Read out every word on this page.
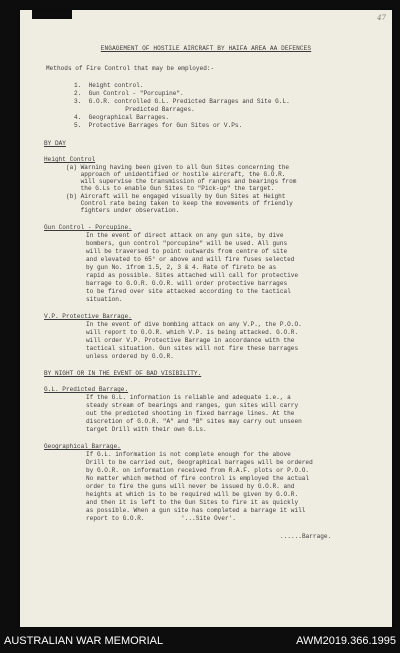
47
ENGAGEMENT OF HOSTILE AIRCRAFT BY HAIFA AREA AA DEFENCES
Methods of Fire Control that may be employed:-
1.  Height control.
2.  Gun Control - "Porcupine".
3.  G.O.R. controlled G.L. Predicted Barrages and Site G.L.
Predicted Barrages.
4.  Geographical Barrages.
5.  Protective Barrages for Gun Sites or V.Ps.
BY DAY
Height Control
(a) Warning having been given to all Gun Sites concerning the
approach of unidentified or hostile aircraft, the G.O.R.
will supervise the transmission of ranges and bearings from
the G.Ls to enable Gun Sites to "Pick-up" the target.
(b) Aircraft will be engaged visually by Gun Sites at Height
Control rate being taken to keep the movements of friendly
fighters under observation.
Gun Control - Porcupine.
In the event of direct attack on any gun site, by dive
bombers, gun control "porcupine" will be used. All guns
will be traversed to point outwards from centre of site
and elevated to 65° or above and will fire fuses selected
by gun No. 1from 1.5, 2, 3 & 4. Rate of fireto be as
rapid as possible. Sites attached will call for protective
barrage to G.O.R. G.O.R. will order protective barrages
to be fired over site attacked according to the tactical
situation.
V.P. Protective Barrage.
In the event of dive bombing attack on any V.P., the P.O.O.
will report to G.O.R. which V.P. is being attacked. G.O.R.
will order V.P. Protective Barrage in accordance with the
tactical situation. Gun sites will not fire these barrages
unless ordered by G.O.R.
BY NIGHT OR IN THE EVENT OF BAD VISIBILITY.
G.L. Predicted Barrage.
If the G.L. information is reliable and adequate i.e., a
steady stream of bearings and ranges, gun sites will carry
out the predicted shooting in fixed barrage lines. At the
discretion of G.O.R. "A" and "B" sites may carry out unseen
target Drill with their own G.Ls.
Geographical Barrage.
If G.L. information is not complete enough for the above
Drill to be carried out, Geographical barrages will be ordered
by G.O.R. on information received from R.A.F. plots or P.O.O.
No matter which method of fire control is employed the actual
order to fire the guns will never be issued by G.O.R. and
heights at which is to be required will be given by G.O.R.
and then it is left to the Gun Sites to fire it as quickly
as possible. When a gun site has completed a barrage it will
report to G.O.R.          '...Site Over'.
......Barrage.
AUSTRALIAN WAR MEMORIAL	AWM2019.366.1995
